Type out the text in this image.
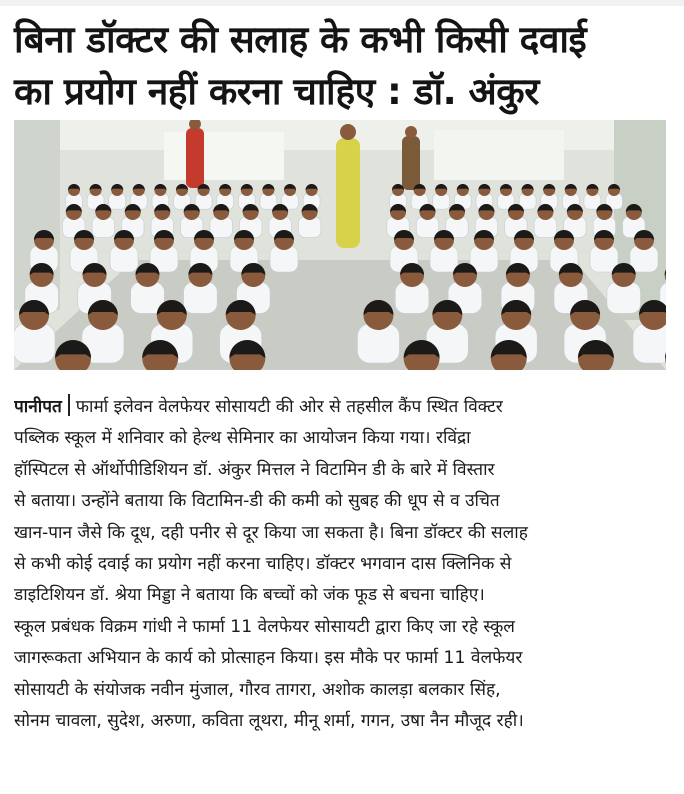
बिना डॉक्टर की सलाह के कभी किसी दवाई
का प्रयोग नहीं करना चाहिए : डॉ. अंकुर
पानीपत फार्मा इलेवन वेलफेयर सोसायटी की ओर से तहसील कैंप स्थित विक्टर
पब्लिक स्कूल में शनिवार को हेल्थ सेमिनार का आयोजन किया गया। रविंद्रा
हॉस्पिटल से ऑर्थोपीडिशियन डॉ. अंकुर मित्तल ने विटामिन डी के बारे में विस्तार
से बताया। उन्होंने बताया कि विटामिन-डी की कमी को सुबह की धूप से व उचित
खान-पान जैसे कि दूध, दही पनीर से दूर किया जा सकता है। बिना डॉक्टर की सलाह
से कभी कोई दवाई का प्रयोग नहीं करना चाहिए। डॉक्टर भगवान दास क्लिनिक से
डाइटिशियन डॉ. श्रेया मिड्डा ने बताया कि बच्चों को जंक फूड से बचना चाहिए।
स्कूल प्रबंधक विक्रम गांधी ने फार्मा 11 वेलफेयर सोसायटी द्वारा किए जा रहे स्कूल
जागरूकता अभियान के कार्य को प्रोत्साहन किया। इस मौके पर फार्मा 11 वेलफेयर
सोसायटी के संयोजक नवीन मुंजाल, गौरव तागरा, अशोक कालड़ा बलकार सिंह,
सोनम चावला, सुदेश, अरुणा, कविता लूथरा, मीनू शर्मा, गगन, उषा नैन मौजूद रही।
